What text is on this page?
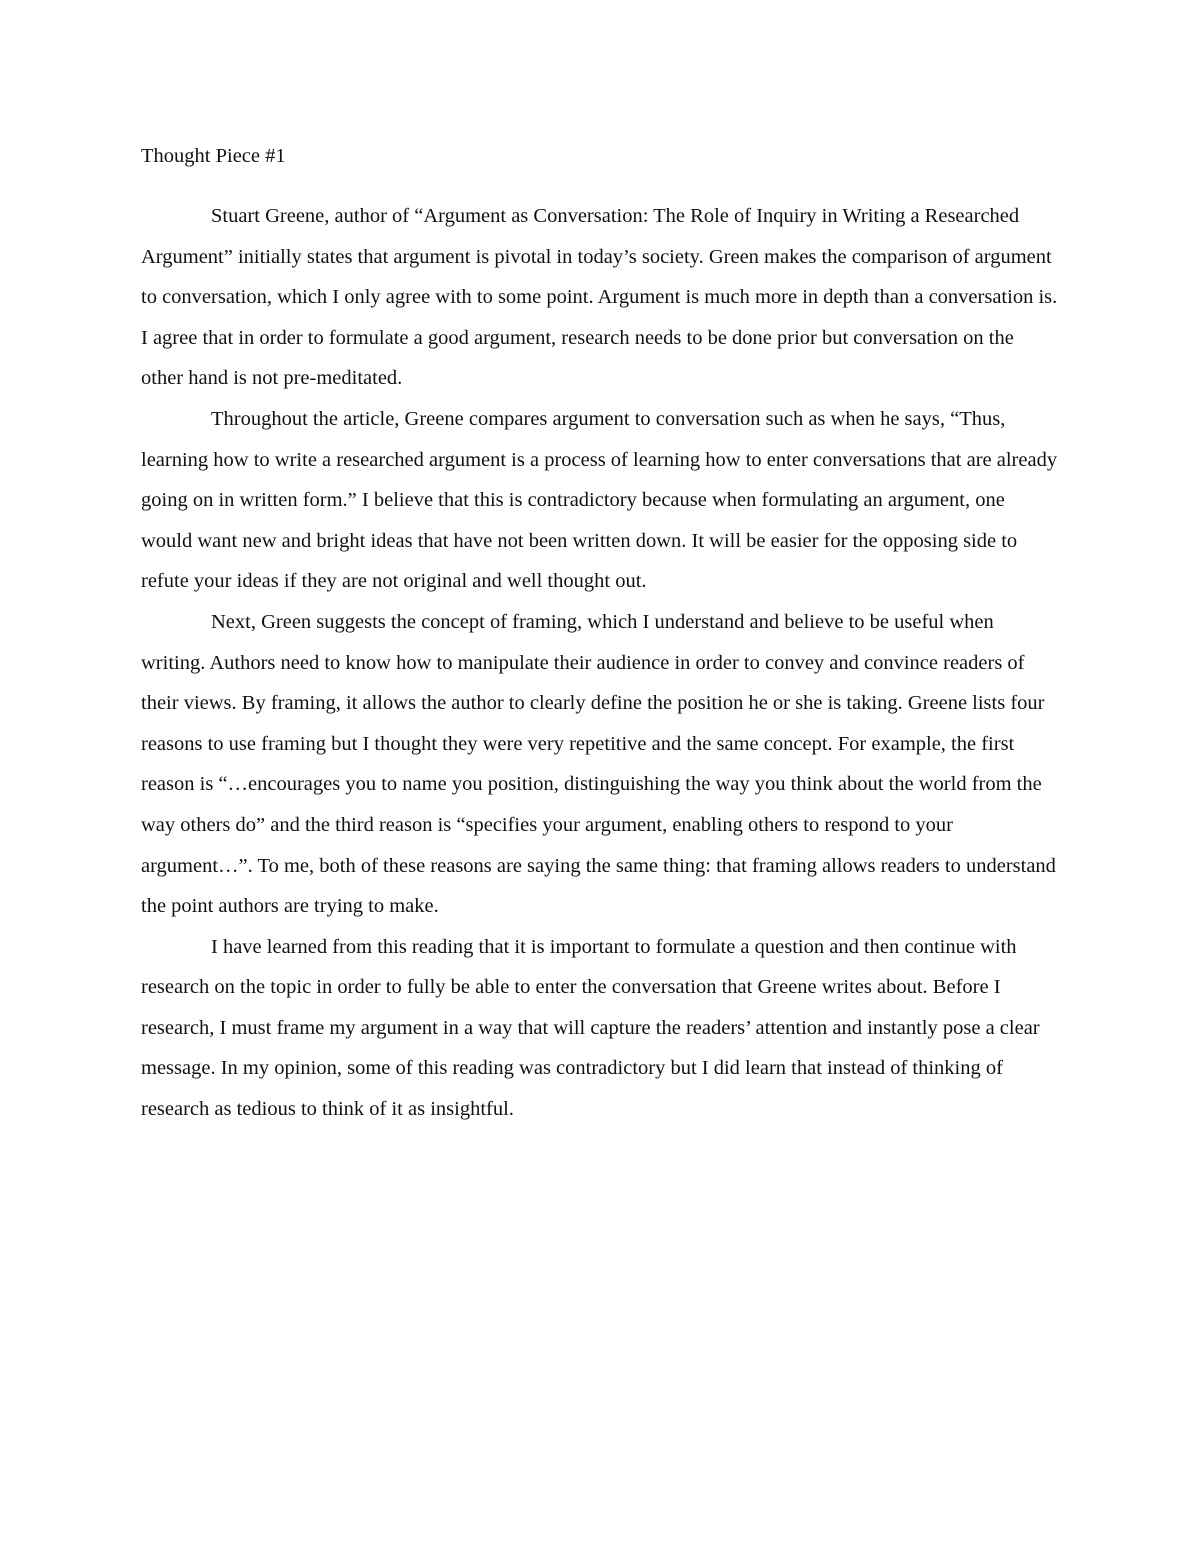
Thought Piece #1

Stuart Greene, author of “Argument as Conversation: The Role of Inquiry in Writing a Researched Argument” initially states that argument is pivotal in today’s society. Green makes the comparison of argument to conversation, which I only agree with to some point. Argument is much more in depth than a conversation is. I agree that in order to formulate a good argument, research needs to be done prior but conversation on the other hand is not pre-meditated.

Throughout the article, Greene compares argument to conversation such as when he says, “Thus, learning how to write a researched argument is a process of learning how to enter conversations that are already going on in written form.” I believe that this is contradictory because when formulating an argument, one would want new and bright ideas that have not been written down. It will be easier for the opposing side to refute your ideas if they are not original and well thought out.

Next, Green suggests the concept of framing, which I understand and believe to be useful when writing. Authors need to know how to manipulate their audience in order to convey and convince readers of their views. By framing, it allows the author to clearly define the position he or she is taking. Greene lists four reasons to use framing but I thought they were very repetitive and the same concept. For example, the first reason is “…encourages you to name you position, distinguishing the way you think about the world from the way others do” and the third reason is “specifies your argument, enabling others to respond to your argument…”. To me, both of these reasons are saying the same thing: that framing allows readers to understand the point authors are trying to make.

I have learned from this reading that it is important to formulate a question and then continue with research on the topic in order to fully be able to enter the conversation that Greene writes about. Before I research, I must frame my argument in a way that will capture the readers’ attention and instantly pose a clear message. In my opinion, some of this reading was contradictory but I did learn that instead of thinking of research as tedious to think of it as insightful.
